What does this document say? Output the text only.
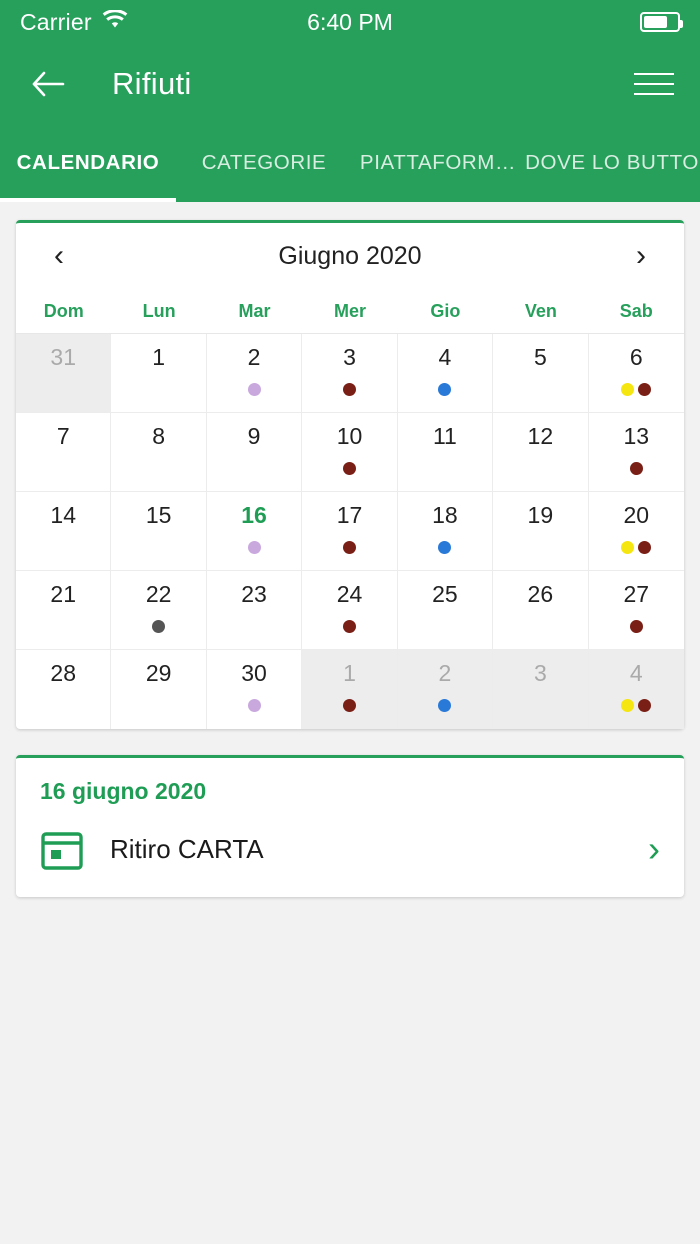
Carrier	6:40 PM
Rifiuti
CALENDARIO	CATEGORIE	PIATTAFORM… DOVE LO BUTTO
‹	Giugno 2020	›
Dom	Lun	Mar	Mer	Gio	Ven	Sab
31	1	2	3	4	5	6
7	8	9	10	11	12	13
14	15	16	17	18	19	20
21	22	23	24	25	26	27
28	29	30	1	2	3	4
16 giugno 2020
Ritiro CARTA	›
